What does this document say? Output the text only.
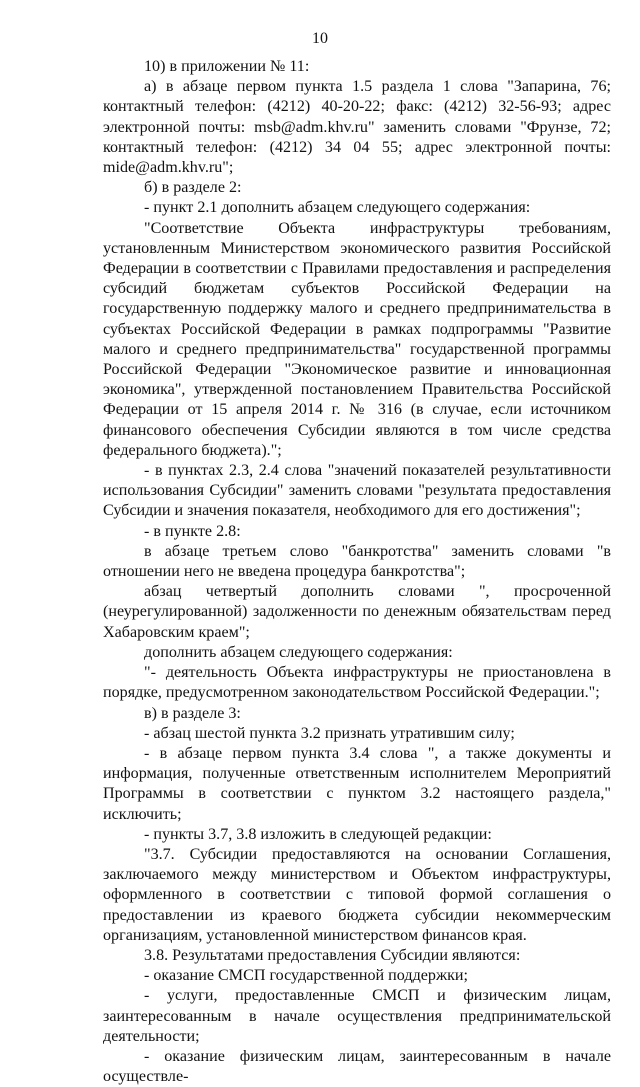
10

10) в приложении № 11:

а) в абзаце первом пункта 1.5 раздела 1 слова "Запарина, 76; контактный телефон: (4212) 40-20-22; факс: (4212) 32-56-93; адрес электронной почты: msb@adm.khv.ru" заменить словами "Фрунзе, 72; контактный телефон: (4212) 34 04 55; адрес электронной почты: mide@adm.khv.ru";

б) в разделе 2:

- пункт 2.1 дополнить абзацем следующего содержания:

"Соответствие Объекта инфраструктуры требованиям, установленным Министерством экономического развития Российской Федерации в соответствии с Правилами предоставления и распределения субсидий бюджетам субъектов Российской Федерации на государственную поддержку малого и среднего предпринимательства в субъектах Российской Федерации в рамках подпрограммы "Развитие малого и среднего предпринимательства" государственной программы Российской Федерации "Экономическое развитие и инновационная экономика", утвержденной постановлением Правительства Российской Федерации от 15 апреля 2014 г. № 316 (в случае, если источником финансового обеспечения Субсидии являются в том числе средства федерального бюджета).";

- в пунктах 2.3, 2.4 слова "значений показателей результативности использования Субсидии" заменить словами "результата предоставления Субсидии и значения показателя, необходимого для его достижения";

- в пункте 2.8:

в абзаце третьем слово "банкротства" заменить словами "в отношении него не введена процедура банкротства";

абзац четвертый дополнить словами ", просроченной (неурегулированной) задолженности по денежным обязательствам перед Хабаровским краем";

дополнить абзацем следующего содержания:

"- деятельность Объекта инфраструктуры не приостановлена в порядке, предусмотренном законодательством Российской Федерации.";

в) в разделе 3:

- абзац шестой пункта 3.2 признать утратившим силу;

- в абзаце первом пункта 3.4 слова ", а также документы и информация, полученные ответственным исполнителем Мероприятий Программы в соответствии с пунктом 3.2 настоящего раздела," исключить;

- пункты 3.7, 3.8 изложить в следующей редакции:

"3.7. Субсидии предоставляются на основании Соглашения, заключаемого между министерством и Объектом инфраструктуры, оформленного в соответствии с типовой формой соглашения о предоставлении из краевого бюджета субсидии некоммерческим организациям, установленной министерством финансов края.

3.8. Результатами предоставления Субсидии являются:

- оказание СМСП государственной поддержки;

- услуги, предоставленные СМСП и физическим лицам, заинтересованным в начале осуществления предпринимательской деятельности;

- оказание физическим лицам, заинтересованным в начале осуществле-
